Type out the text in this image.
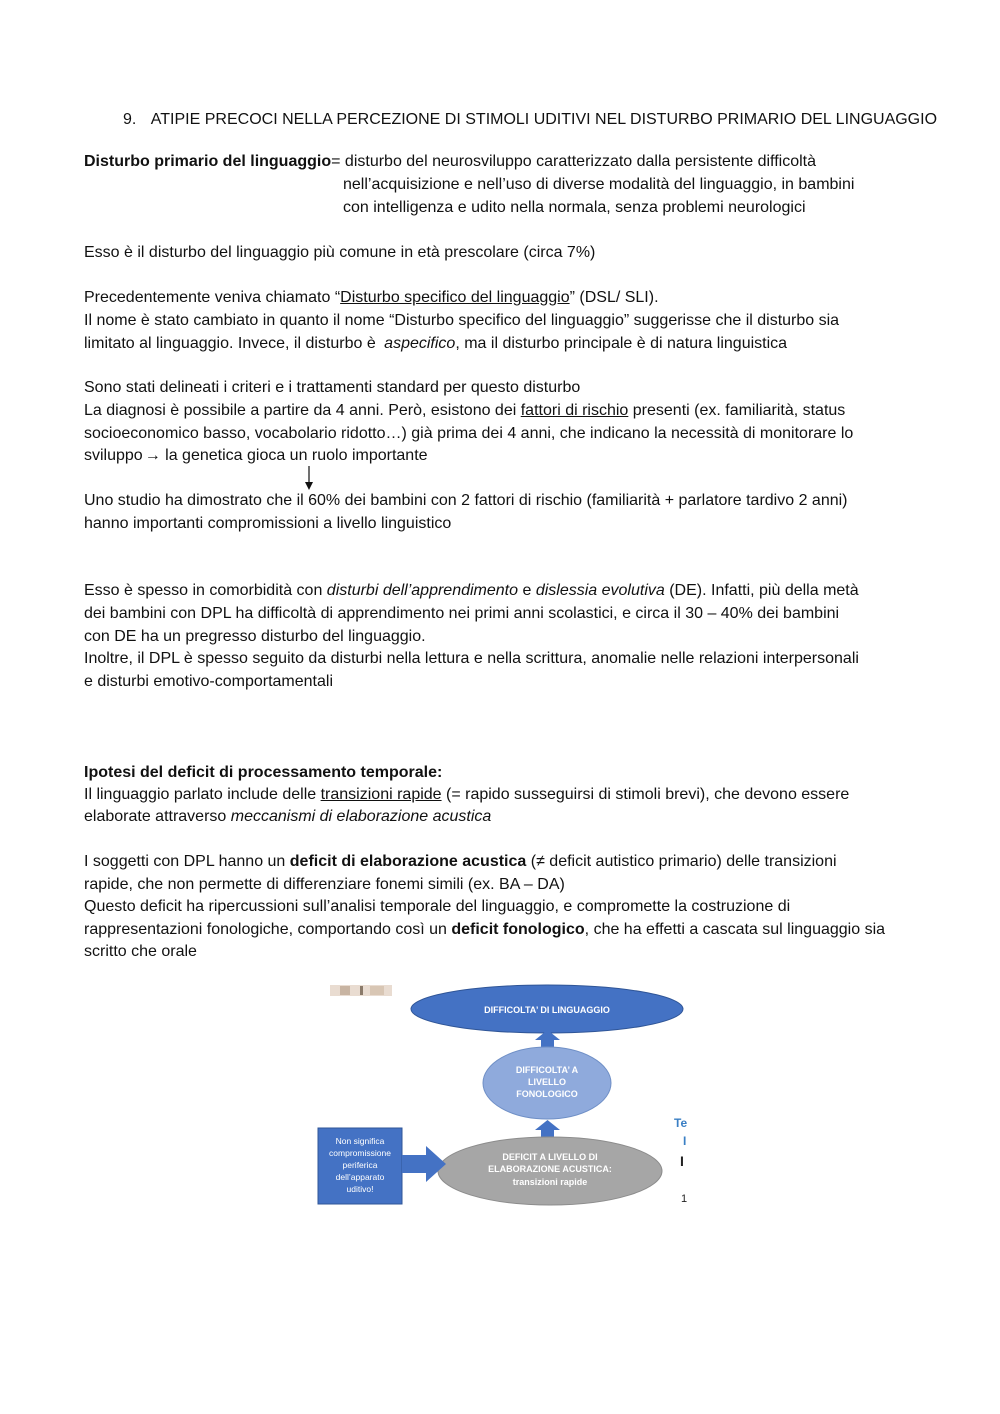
9. ATIPIE PRECOCI NELLA PERCEZIONE DI STIMOLI UDITIVI NEL DISTURBO PRIMARIO DEL LINGUAGGIO
Disturbo primario del linguaggio= disturbo del neurosviluppo caratterizzato dalla persistente difficoltà
nell’acquisizione e nell’uso di diverse modalità del linguaggio, in bambini
con intelligenza e udito nella normala, senza problemi neurologici
Esso è il disturbo del linguaggio più comune in età prescolare (circa 7%)
Precedentemente veniva chiamato “Disturbo specifico del linguaggio” (DSL/ SLI).
Il nome è stato cambiato in quanto il nome “Disturbo specifico del linguaggio” suggerisse che il disturbo sia
limitato al linguaggio. Invece, il disturbo è aspecifico, ma il disturbo principale è di natura linguistica
Sono stati delineati i criteri e i trattamenti standard per questo disturbo
La diagnosi è possibile a partire da 4 anni. Però, esistono dei fattori di rischio presenti (ex. familiarità, status
socioeconomico basso, vocabolario ridotto…) già prima dei 4 anni, che indicano la necessità di monitorare lo
sviluppo → la genetica gioca un ruolo importante
Uno studio ha dimostrato che il 60% dei bambini con 2 fattori di rischio (familiarità + parlatore tardivo 2 anni)
hanno importanti compromissioni a livello linguistico
Esso è spesso in comorbidità con disturbi dell’apprendimento e dislessia evolutiva (DE). Infatti, più della metà
dei bambini con DPL ha difficoltà di apprendimento nei primi anni scolastici, e circa il 30 – 40% dei bambini
con DE ha un pregresso disturbo del linguaggio.
Inoltre, il DPL è spesso seguito da disturbi nella lettura e nella scrittura, anomalie nelle relazioni interpersonali
e disturbi emotivo-comportamentali
Ipotesi del deficit di processamento temporale:
Il linguaggio parlato include delle transizioni rapide (= rapido susseguirsi di stimoli brevi), che devono essere
elaborate attraverso meccanismi di elaborazione acustica
I soggetti con DPL hanno un deficit di elaborazione acustica (≠ deficit autistico primario) delle transizioni
rapide, che non permette di differenziare fonemi simili (ex. BA – DA)
Questo deficit ha ripercussioni sull’analisi temporale del linguaggio, e compromette la costruzione di
rappresentazioni fonologiche, comportando così un deficit fonologico, che ha effetti a cascata sul linguaggio sia
scritto che orale
DIFFICOLTA’ DI LINGUAGGIO
DIFFICOLTA’ A
LIVELLO
FONOLOGICO
DEFICIT A LIVELLO DI
ELABORAZIONE ACUSTICA:
transizioni rapide
Non significa
compromissione
periferica
dell’apparato
uditivo!
Te
I
I
1
